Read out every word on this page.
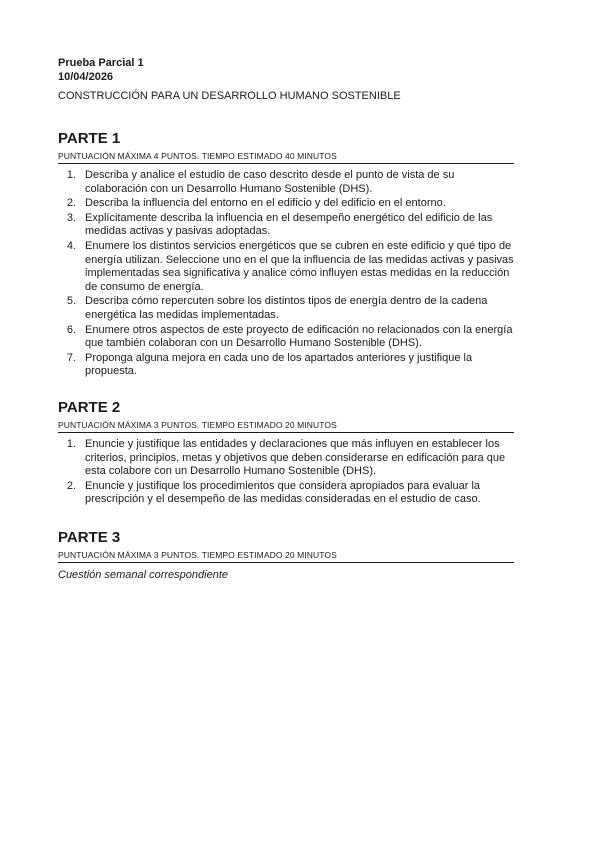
Prueba Parcial 1
10/04/2026
CONSTRUCCIÓN PARA UN DESARROLLO HUMANO SOSTENIBLE
PARTE 1
PUNTUACIÓN MÁXIMA 4 PUNTOS. TIEMPO ESTIMADO 40 MINUTOS
1. Describa y analice el estudio de caso descrito desde el punto de vista de su colaboración con un Desarrollo Humano Sostenible (DHS).
2. Describa la influencia del entorno en el edificio y del edificio en el entorno.
3. Explícitamente describa la influencia en el desempeño energético del edificio de las medidas activas y pasivas adoptadas.
4. Enumere los distintos servicios energéticos que se cubren en este edificio y qué tipo de energía utilizan. Seleccione uno en el que la influencia de las medidas activas y pasivas implementadas sea significativa y analice cómo influyen estas medidas en la reducción de consumo de energía.
5. Describa cómo repercuten sobre los distintos tipos de energía dentro de la cadena energética las medidas implementadas.
6. Enumere otros aspectos de este proyecto de edificación no relacionados con la energía que también colaboran con un Desarrollo Humano Sostenible (DHS).
7. Proponga alguna mejora en cada uno de los apartados anteriores y justifique la propuesta.
PARTE 2
PUNTUACIÓN MÁXIMA 3 PUNTOS. TIEMPO ESTIMADO 20 MINUTOS
1. Enuncie y justifique las entidades y declaraciones que más influyen en establecer los criterios, principios, metas y objetivos que deben considerarse en edificación para que esta colabore con un Desarrollo Humano Sostenible (DHS).
2. Enuncie y justifique los procedimientos que considera apropiados para evaluar la prescripción y el desempeño de las medidas consideradas en el estudio de caso.
PARTE 3
PUNTUACIÓN MÁXIMA 3 PUNTOS. TIEMPO ESTIMADO 20 MINUTOS
Cuestión semanal correspondiente
